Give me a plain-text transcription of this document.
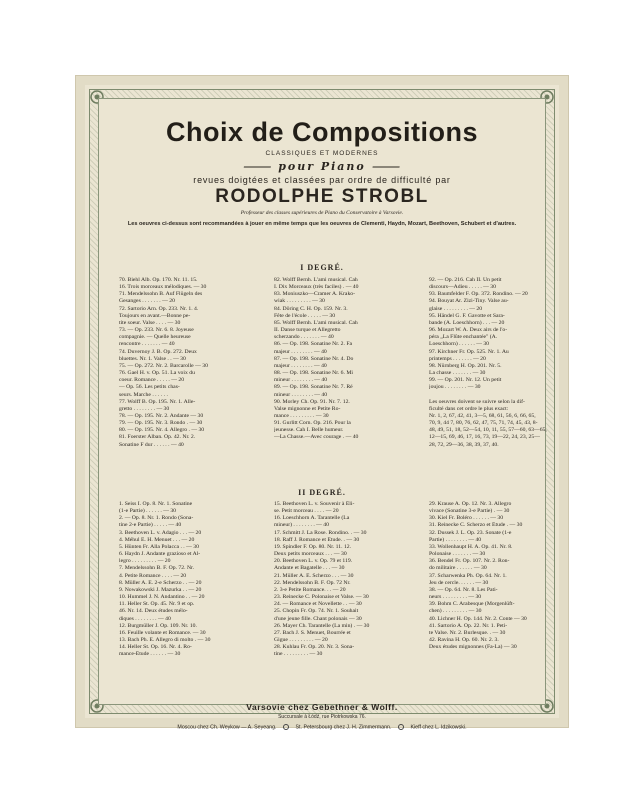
Choix de Compositions
CLASSIQUES ET MODERNES
⸻ pour Piano ⸻
revues doigtées et classées par ordre de difficulté par
RODOLPHE STROBL
Professeur des classes supérieures de Piano du Conservatoire à Varsovie.
Les oeuvres ci-dessus sont recommandées à jouer en même temps que les oeuvres de Clementi, Haydn, Mozart, Beethoven, Schubert et d'autres.
I DEGRÉ.
70. Biehl Alb. Op. 170. Nr. 11. 15.
16. Trois morceaux mélodiques. — 30
71. Mendelssohn B. Auf Flügeln des
Gesanges . . . . . . . — 20
72. Sartorio Arn. Op. 233. Nr. 1. 4.
Toujours en avant.—Bonne pe-
tite soeur. Valse . . . . — 30
73. — Op. 233. Nr. 6. 8. Joyeuse
compagnie. — Quelle heureuse
rencontre . . . . . . . — 40
74. Duvernoy J. B. Op. 272. Deux
bluettes. Nr. 1. Valse . . — 30
75. — Op. 272. Nr. 2. Barcarolle — 30
76. Gael H. v. Op. 51. La voix du
coeur. Romance . . . . . — 20
— Op. 56. Les petits chas-
seurs. Marche . . . . . .
77. Wolff B. Op. 195. Nr. 1. Alle-
gretto . . . . . . . . — 30
78. — Op. 195. Nr. 2. Andante — 30
79. — Op. 195. Nr. 3. Rondo . — 30
80. — Op. 195. Nr. 4. Allegro . — 30
81. Foerster Alban. Op. 42. Nr. 2.
Sonatine F dur . . . . . . — 40
82. Wolff Bernh. L'ami musical. Cah
I. Dix Morceaux (très faciles) . — 40
83. Moniuszko—Cramer A. Krako-
wiak . . . . . . . . . — 30
84. Döring C. H. Op. 159. Nr. 3.
Fête de l'école . . . . . — 30
85. Wolff Bernh. L'ami musical. Cah
II. Danse turque et Allegretto
scherzando . . . . . . . — 40
86. — Op. 198. Sonatine Nr. 2. Fa
majeur . . . . . . . . — 40
87. — Op. 198. Sonatine Nr. 4. Do
majeur . . . . . . . . — 40
88. — Op. 198. Sonatine Nr. 6. Mi
mineur . . . . . . . . — 40
89. — Op. 198. Sonatine Nr. 7. Ré
mineur . . . . . . . . — 40
90. Morley Ch. Op. 91. Nr. 7. 12.
Valse mignonne et Petite Ro-
mance . . . . . . . . . — 30
91. Gurlitt Corn. Op. 216. Pour la
jeunesse. Cah I. Belle humeur.
—La Chasse.—Avec courage . — 40
92. — Op. 216. Cah II. Un petit
discours—Adieu . . . . . — 30
93. Baumfelder F. Op. 372. Rondino. — 20
94. Bouyat Ar. Zizi-Tiny. Valse au-
glaise . . . . . . . . . — 20
95. Händel G. F. Gavotte et Sara-
bande (A. Loeschhorn) . . . — 20
96. Mozart W. A. Deux airs de l'o-
péra „La Flûte enchantée" (A.
Loeschhorn) . . . . . . — 30
97. Kirchner Fr. Op. 525. Nr. 1. Au
printemps . . . . . . . — 20
98. Nürnberg H. Op. 201. Nr. 5.
La chasse . . . . . . . — 30
99. — Op. 201. Nr. 12. Un petit
joujou . . . . . . . . — 30

Les oeuvres doivent se suivre selon la dif-
ficulté dans cet ordre le plus exact:
Nr. 1, 2, 67, 42, 41, 3—5, 68, 61, 56, 6, 66, 65,
70, 9, 44 7, 80, 76, 62, 47, 75, 71, 74, 45, 43, 8-
48, 49, 51, 18, 52—54, 10, 11, 55, 57—60, 63—65,
12—15, 69, 46, 17, 16, 73, 19—22, 24, 23, 25—
28, 72, 29—36, 38, 39, 37, 40.
II DEGRÉ.
1. Seiss I. Op. 8. Nr. 1. Sonatine
(1-e Partie) . . . . . . — 30
2. — Op. 8. Nr. 1. Rondo (Sona-
tine 2-e Partie) . . . . . — 40
3. Beethoven L. v. Adagio . . . — 20
4. Méhul E. H. Menuet . . . — 20
5. Hünten Fr. Alla Polacca . . — 30
6. Haydn J. Andante grazioso et Al-
legro . . . . . . . . . — 20
7. Mendelssohn B. F. Op. 72. Nr.
4. Petite Romance . . . . — 20
8. Müller A. E. 2-e Scherzo . . — 20
9. Nowakowski J. Mazurka . . — 20
10. Hummel J. N. Andantino . . — 20
11. Heller St. Op. 45. Nr. 9 et op.
46. Nr. 14. Deux études mélo-
diques . . . . . . . . — 40
12. Burgmüller J. Op. 109. Nr. 10.
16. Feuille volante et Romance. — 30
13. Bach Ph. E. Allegro di molto . — 30
14. Heller St. Op. 16. Nr. 4. Ro-
mance-Étude . . . . . . — 30
15. Beethoven L. v. Souvenir à Éli-
se. Petit morceau . . . . — 20
16. Loeschhorn A. Tarantelle (La
mineur) . . . . . . . . — 40
17. Schmitt J. La Rose. Rondino. . — 30
18. Raff J. Romance et Étude. . — 30
19. Spindler F. Op. 80. Nr. 11. 12.
Deux petits morceaux . . . — 30
20. Beethoven L. v. Op. 79 et 119.
Andante et Bagatelle . . . — 30
21. Müller A. E. Scherzo . . . — 30
22. Mendelssohn B. F. Op. 72 Nr.
2. 3-e Petite Romance. . . — 20
23. Reinecke C. Polonaise et Valse. — 30
24. — Romance et Novellette . . — 30
25. Chopin Fr. Op. 74. Nr. 1. Souhait
d'une jeune fille. Chant polonais — 30
26. Mayer Ch. Tarantelle (La min) . — 30
27. Bach J. S. Menuet, Bourrée et
Gigue . . . . . . . . . — 20
28. Kuhlau Fr. Op. 20. Nr. 3. Sona-
tine . . . . . . . . . — 30
29. Krause A. Op. 12. Nr. 3. Allegro
vivace (Sonatine 3-e Partie) . — 30
30. Kiel Fr. Boléro . . . . . . — 30
31. Reinecke C. Scherzo et Étude . — 30
32. Dussek J. L. Op. 23. Sonate (1-e
Partie) . . . . . . . . — 40
33. Wollenhaupt H. A. Op. 41. Nr. 8.
Polonaise . . . . . . . — 30
36. Bendel Fr. Op. 107. Nr. 2. Ron-
do militaire . . . . . . — 30
37. Scharwenka Ph. Op. 64. Nr. 1.
Jeu de cercle. . . . . . — 30
38. — Op. 64. Nr. 8. Les Pati-
neurs . . . . . . . . . — 30
39. Bohm C. Arabesque (Morgenlüft-
chen) . . . . . . . . . — 30
40. Lichner H. Op. 144. Nr. 2. Conte — 30
41. Sartorio A. Op. 22. Nr. 1. Peti-
te Valse. Nr. 2. Burlesque. . — 30
42. Ravina H. Op. 60. Nr. 2. 3.
Deux études mignonnes (Fa-La) — 30
Varsovie chez Gebethner & Wolff.
Succursale à Łódź, rue Piotrkowska 76.
Moscou chez Ch. Weykow — A. Seyeang.	St. Petersbourg chez J. H. Zimmermann.	Kieff chez L. Idzikowski.
